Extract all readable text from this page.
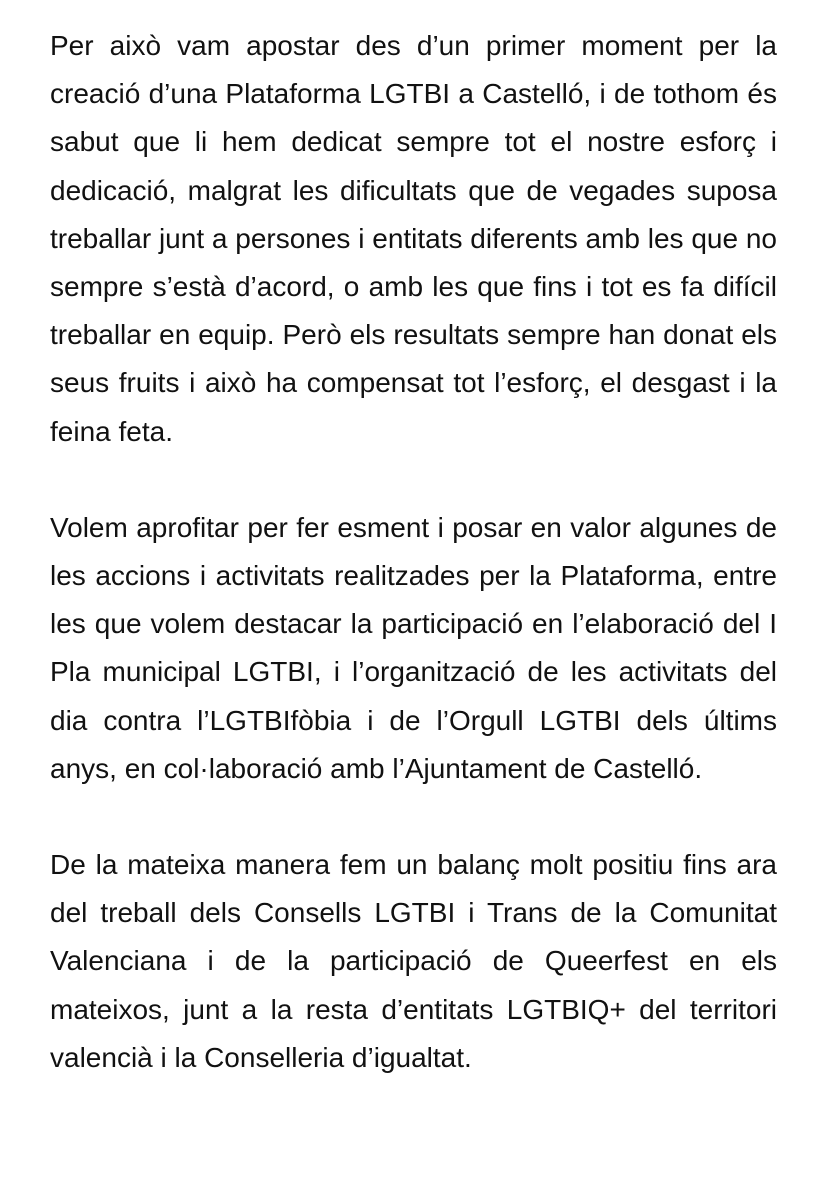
Per això vam apostar des d’un primer moment per la creació d’una Plataforma LGTBI a Castelló, i de tothom és sabut que li hem dedicat sempre tot el nostre esforç i dedicació, malgrat les dificultats que de vegades suposa treballar junt a persones i entitats diferents amb les que no sempre s’està d’acord, o amb les que fins i tot es fa difícil treballar en equip. Però els resultats sempre han donat els seus fruits i això ha compensat tot l’esforç, el desgast i la feina feta.

Volem aprofitar per fer esment i posar en valor algunes de les accions i activitats realitzades per la Plataforma, entre les que volem destacar la participació en l’elaboració del I Pla municipal LGTBI, i l’organització de les activitats del dia contra l’LGTBIfòbia i de l’Orgull LGTBI dels últims anys, en col·laboració amb l’Ajuntament de Castelló.

De la mateixa manera fem un balanç molt positiu fins ara del treball dels Consells LGTBI i Trans de la Comunitat Valenciana i de la participació de Queerfest en els mateixos, junt a la resta d’entitats LGTBIQ+ del territori valencià i la Conselleria d’igualtat.
